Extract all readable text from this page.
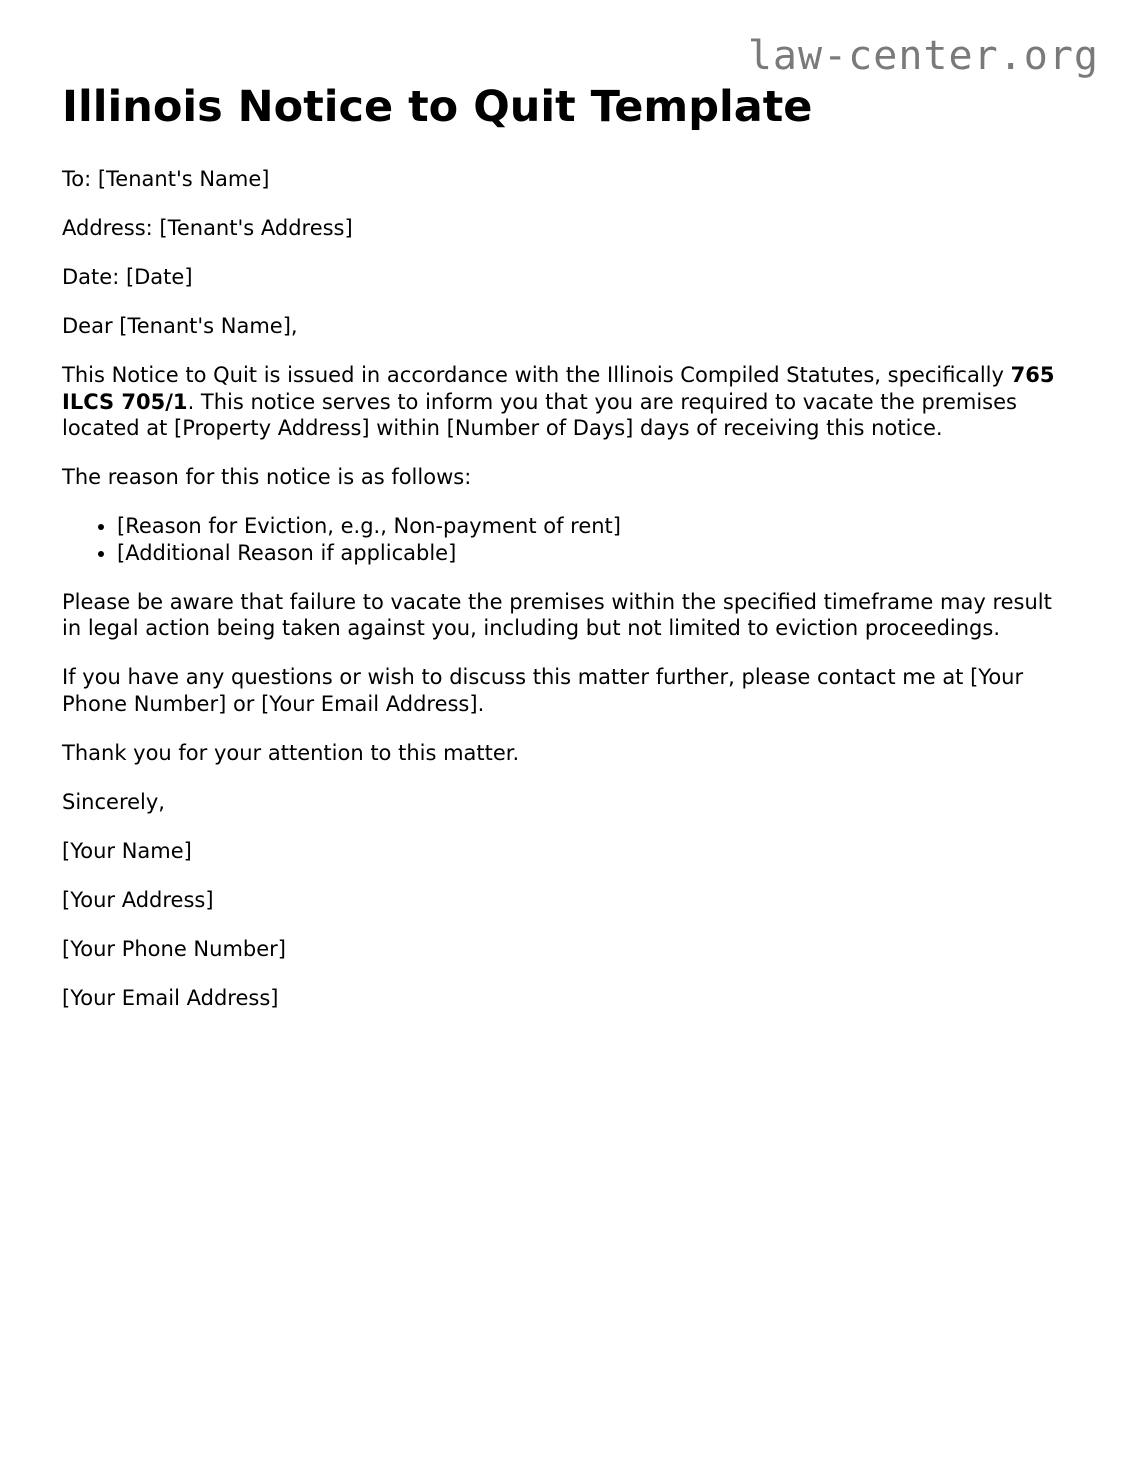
law-center.org
Illinois Notice to Quit Template

To: [Tenant's Name]

Address: [Tenant's Address]

Date: [Date]

Dear [Tenant's Name],

This Notice to Quit is issued in accordance with the Illinois Compiled Statutes, specifically 765 ILCS 705/1. This notice serves to inform you that you are required to vacate the premises located at [Property Address] within [Number of Days] days of receiving this notice.

The reason for this notice is as follows:

• [Reason for Eviction, e.g., Non-payment of rent]
• [Additional Reason if applicable]

Please be aware that failure to vacate the premises within the specified timeframe may result in legal action being taken against you, including but not limited to eviction proceedings.

If you have any questions or wish to discuss this matter further, please contact me at [Your Phone Number] or [Your Email Address].

Thank you for your attention to this matter.

Sincerely,

[Your Name]

[Your Address]

[Your Phone Number]

[Your Email Address]
